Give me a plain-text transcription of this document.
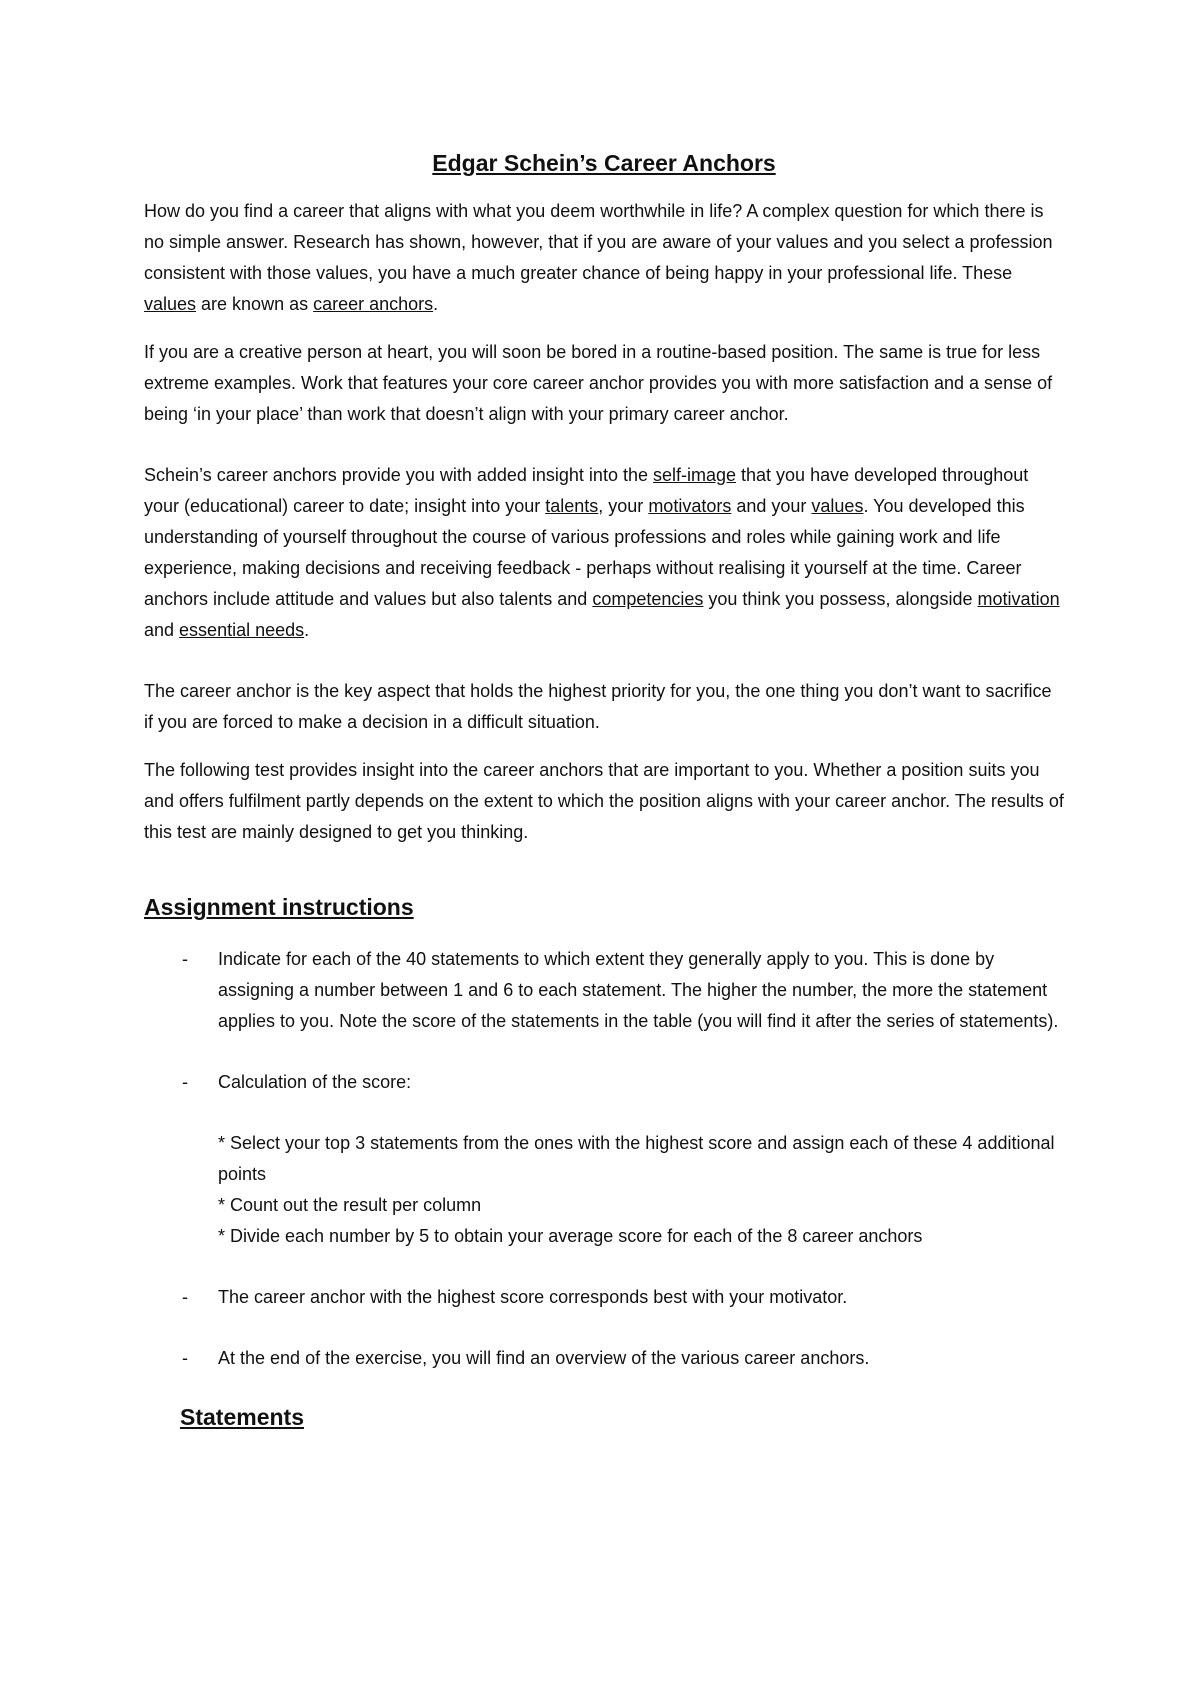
Edgar Schein’s Career Anchors

How do you find a career that aligns with what you deem worthwhile in life? A complex question for which there is no simple answer. Research has shown, however, that if you are aware of your values and you select a profession consistent with those values, you have a much greater chance of being happy in your professional life. These values are known as career anchors.

If you are a creative person at heart, you will soon be bored in a routine-based position. The same is true for less extreme examples. Work that features your core career anchor provides you with more satisfaction and a sense of being ‘in your place’ than work that doesn’t align with your primary career anchor.

Schein’s career anchors provide you with added insight into the self-image that you have developed throughout your (educational) career to date; insight into your talents, your motivators and your values. You developed this understanding of yourself throughout the course of various professions and roles while gaining work and life experience, making decisions and receiving feedback - perhaps without realising it yourself at the time. Career anchors include attitude and values but also talents and competencies you think you possess, alongside motivation and essential needs.

The career anchor is the key aspect that holds the highest priority for you, the one thing you don’t want to sacrifice if you are forced to make a decision in a difficult situation.

The following test provides insight into the career anchors that are important to you. Whether a position suits you and offers fulfilment partly depends on the extent to which the position aligns with your career anchor. The results of this test are mainly designed to get you thinking.

Assignment instructions
- Indicate for each of the 40 statements to which extent they generally apply to you. This is done by assigning a number between 1 and 6 to each statement. The higher the number, the more the statement applies to you. Note the score of the statements in the table (you will find it after the series of statements).
- Calculation of the score:
* Select your top 3 statements from the ones with the highest score and assign each of these 4 additional points
* Count out the result per column
* Divide each number by 5 to obtain your average score for each of the 8 career anchors
- The career anchor with the highest score corresponds best with your motivator.
- At the end of the exercise, you will find an overview of the various career anchors.
Statements
